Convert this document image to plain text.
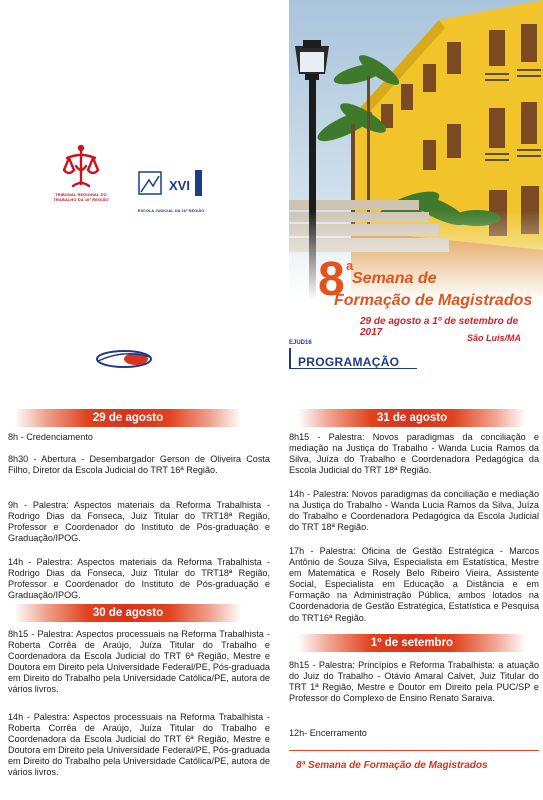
TRIBUNAL REGIONAL DO TRABALHO DA 16ª REGIÃO
XVI
ESCOLA JUDICIAL DA 16ª REGIÃO
8 a
Semana de
Formação de Magistrados
29 de agosto a 1º de setembro de 2017	São Luís/MA
EJUD16
PROGRAMAÇÃO
29 de agosto

8h - Credenciamento

8h30 - Abertura - Desembargador Gerson de Oliveira Costa Filho, Diretor da Escola Judicial do TRT 16ª Região.

9h - Palestra: Aspectos materiais da Reforma Trabalhista - Rodrigo Dias da Fonseca, Juiz Titular do TRT18ª Região, Professor e Coordenador do Instituto de Pós-graduação e Graduação/IPOG.

14h - Palestra: Aspectos materiais da Reforma Trabalhista - Rodrigo Dias da Fonseca, Juiz Titular do TRT18ª Região, Professor e Coordenador do Instituto de Pós-graduação e Graduação/IPOG.

30 de agosto

8h15 - Palestra: Aspectos processuais na Reforma Trabalhista - Roberta Corrêa de Araújo, Juíza Titular do Trabalho e Coordenadora da Escola Judicial do TRT 6ª Região, Mestre e Doutora em Direito pela Universidade Federal/PE, Pós-graduada em Direito do Trabalho pela Universidade Católica/PE, autora de vários livros.

14h - Palestra: Aspectos processuais na Reforma Trabalhista - Roberta Corrêa de Araújo, Juíza Titular do Trabalho e Coordenadora da Escola Judicial do TRT 6ª Região, Mestre e Doutora em Direito pela Universidade Federal/PE, Pós-graduada em Direito do Trabalho pela Universidade Católica/PE, autora de vários livros.

31 de agosto

8h15 - Palestra: Novos paradigmas da conciliação e mediação na Justiça do Trabalho - Wanda Lucia Ramos da Silva, Juíza do Trabalho e Coordenadora Pedagógica da Escola Judicial do TRT 18ª Região.

14h - Palestra: Novos paradigmas da conciliação e mediação na Justiça do Trabalho - Wanda Lucia Ramos da Silva, Juíza do Trabalho e Coordenadora Pedagógica da Escola Judicial do TRT 18ª Região.

17h - Palestra: Oficina de Gestão Estratégica - Marcos Antônio de Souza Silva, Especialista em Estatística, Mestre em Matemática e Rosely Belo Ribeiro Vieira, Assistente Social, Especialista em Educação a Distância e em Formação na Administração Pública, ambos lotados na Coordenadoria de Gestão Estratégica, Estatística e Pesquisa do TRT16ª Região.

1º de setembro

8h15 - Palestra: Princípios e Reforma Trabalhista: a atuação do Juiz do Trabalho - Otávio Amaral Calvet, Juiz Titular do TRT 1ª Região, Mestre e Doutor em Direito pela PUC/SP e Professor do Complexo de Ensino Renato Saraiva.

12h- Encerramento

8ª Semana de Formação de Magistrados
